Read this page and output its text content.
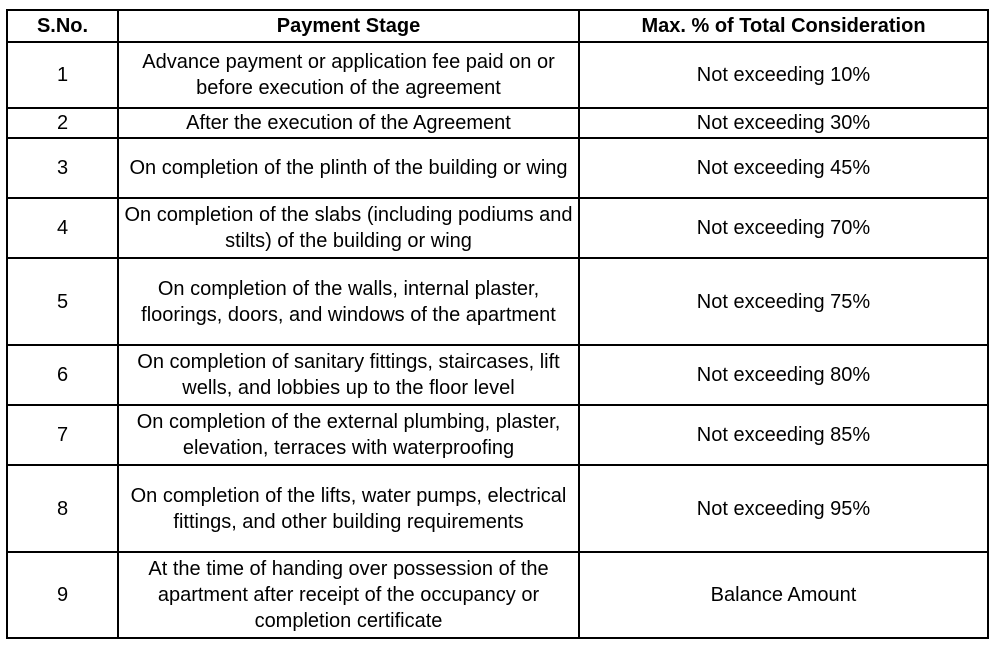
S.No.	Payment Stage	Max. % of Total Consideration
1	Advance payment or application fee paid on or before execution of the agreement	Not exceeding 10%
2	After the execution of the Agreement	Not exceeding 30%
3	On completion of the plinth of the building or wing	Not exceeding 45%
4	On completion of the slabs (including podiums and stilts) of the building or wing	Not exceeding 70%
5	On completion of the walls, internal plaster, floorings, doors, and windows of the apartment	Not exceeding 75%
6	On completion of sanitary fittings, staircases, lift wells, and lobbies up to the floor level	Not exceeding 80%
7	On completion of the external plumbing, plaster, elevation, terraces with waterproofing	Not exceeding 85%
8	On completion of the lifts, water pumps, electrical fittings, and other building requirements	Not exceeding 95%
9	At the time of handing over possession of the apartment after receipt of the occupancy or completion certificate	Balance Amount
